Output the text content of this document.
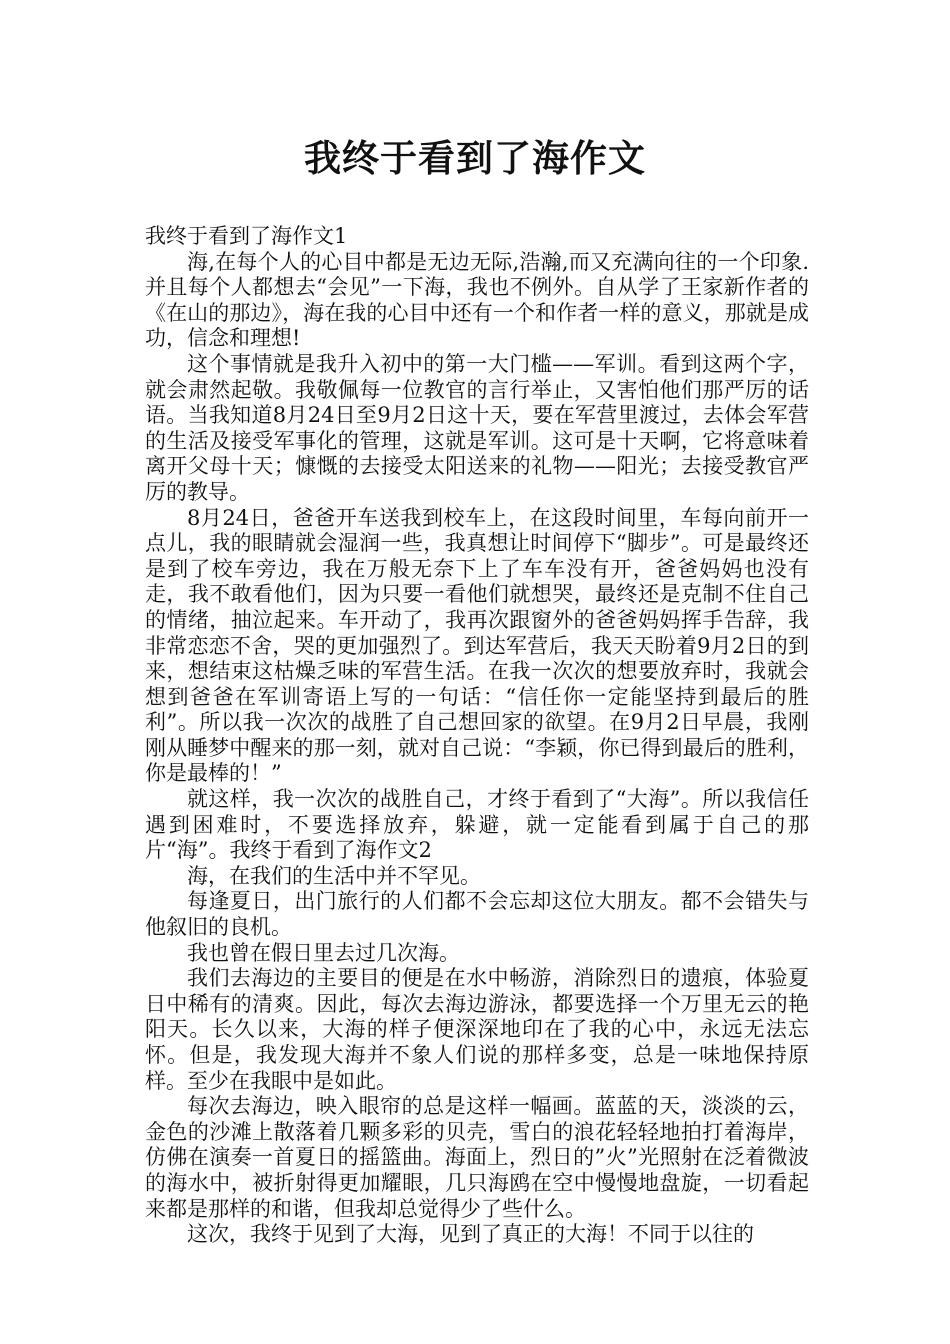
我终于看到了海作文

我终于看到了海作文1

海,在每个人的心目中都是无边无际,浩瀚,而又充满向往的一个印象.并且每个人都想去“会见”一下海，我也不例外。自从学了王家新作者的《在山的那边》，海在我的心目中还有一个和作者一样的意义，那就是成功，信念和理想!

这个事情就是我升入初中的第一大门槛——军训。看到这两个字，就会肃然起敬。我敬佩每一位教官的言行举止，又害怕他们那严厉的话语。当我知道8月24日至9月2日这十天，要在军营里渡过，去体会军营的生活及接受军事化的管理，这就是军训。这可是十天啊，它将意味着离开父母十天；慷慨的去接受太阳送来的礼物——阳光；去接受教官严厉的教导。

8月24日，爸爸开车送我到校车上，在这段时间里，车每向前开一点儿，我的眼睛就会湿润一些，我真想让时间停下“脚步”。可是最终还是到了校车旁边，我在万般无奈下上了车车没有开，爸爸妈妈也没有走，我不敢看他们，因为只要一看他们就想哭，最终还是克制不住自己的情绪，抽泣起来。车开动了，我再次跟窗外的爸爸妈妈挥手告辞，我非常恋恋不舍，哭的更加强烈了。到达军营后，我天天盼着9月2日的到来，想结束这枯燥乏味的军营生活。在我一次次的想要放弃时，我就会想到爸爸在军训寄语上写的一句话：“信任你一定能坚持到最后的胜利”。所以我一次次的战胜了自己想回家的欲望。在9月2日早晨，我刚刚从睡梦中醒来的那一刻，就对自己说：“李颖，你已得到最后的胜利，你是最棒的！”

就这样，我一次次的战胜自己，才终于看到了“大海”。所以我信任遇到困难时，不要选择放弃，躲避，就一定能看到属于自己的那片“海”。我终于看到了海作文2

海，在我们的生活中并不罕见。

每逢夏日，出门旅行的人们都不会忘却这位大朋友。都不会错失与他叙旧的良机。

我也曾在假日里去过几次海。

我们去海边的主要目的便是在水中畅游，消除烈日的遗痕，体验夏日中稀有的清爽。因此，每次去海边游泳，都要选择一个万里无云的艳阳天。长久以来，大海的样子便深深地印在了我的心中，永远无法忘怀。但是，我发现大海并不象人们说的那样多变，总是一味地保持原样。至少在我眼中是如此。

每次去海边，映入眼帘的总是这样一幅画。蓝蓝的天，淡淡的云，金色的沙滩上散落着几颗多彩的贝壳，雪白的浪花轻轻地拍打着海岸，仿佛在演奏一首夏日的摇篮曲。海面上，烈日的”火”光照射在泛着微波的海水中，被折射得更加耀眼，几只海鸥在空中慢慢地盘旋，一切看起来都是那样的和谐，但我却总觉得少了些什么。

这次，我终于见到了大海，见到了真正的大海！不同于以往的
